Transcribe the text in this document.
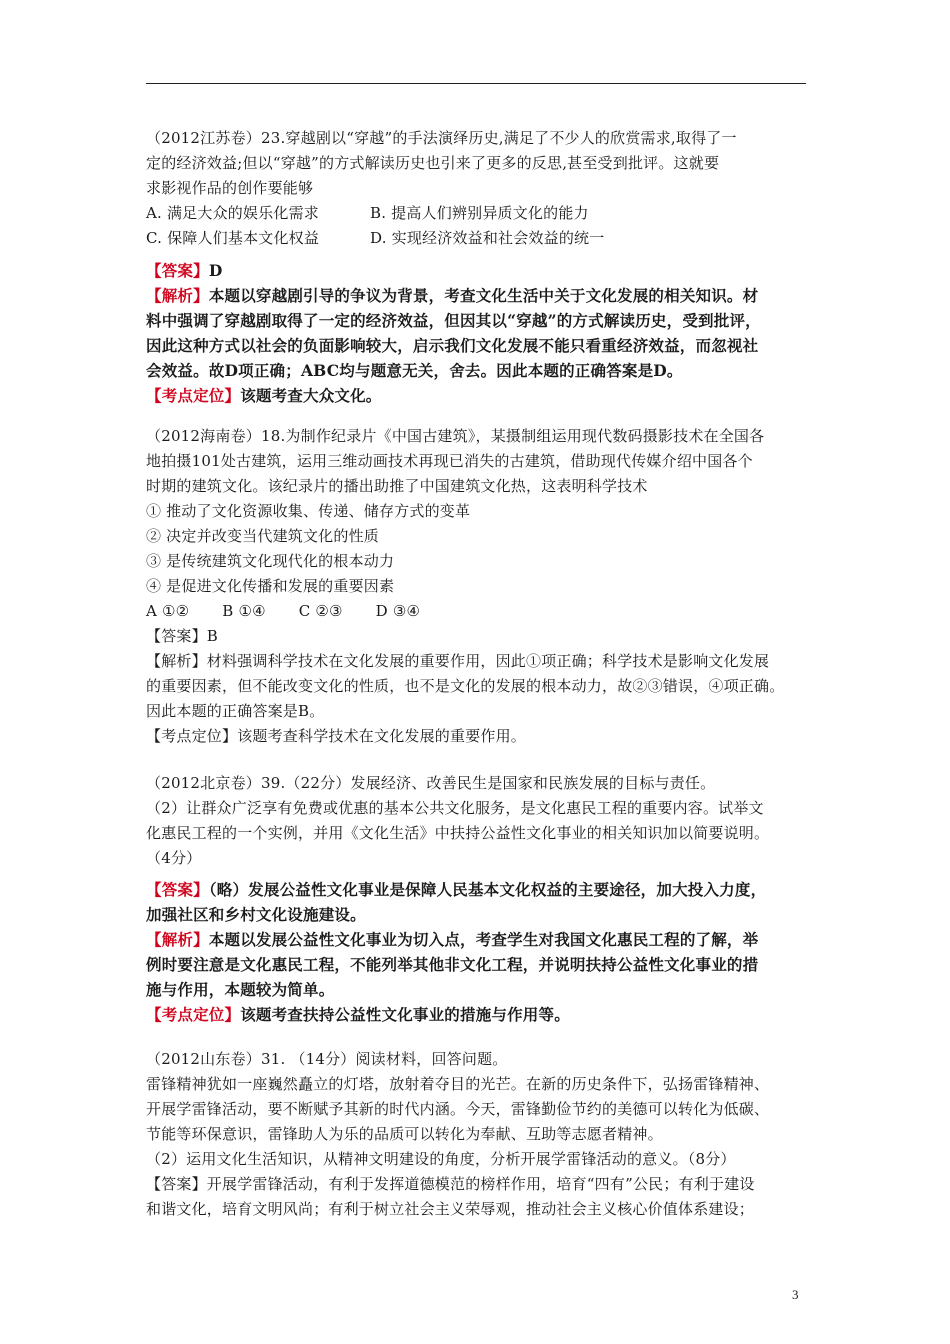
（2012江苏卷）23.穿越剧以“穿越”的手法演绎历史,满足了不少人的欣赏需求,取得了一
定的经济效益;但以“穿越”的方式解读历史也引来了更多的反思,甚至受到批评。这就要
求影视作品的创作要能够
A. 满足大众的娱乐化需求	B. 提高人们辨别异质文化的能力
C. 保障人们基本文化权益	D. 实现经济效益和社会效益的统一
【答案】D
【解析】本题以穿越剧引导的争议为背景，考查文化生活中关于文化发展的相关知识。材
料中强调了穿越剧取得了一定的经济效益，但因其以“穿越”的方式解读历史，受到批评，
因此这种方式以社会的负面影响较大，启示我们文化发展不能只看重经济效益，而忽视社
会效益。故D项正确；ABC均与题意无关，舍去。因此本题的正确答案是D。
【考点定位】该题考查大众文化。
（2012海南卷）18.为制作纪录片《中国古建筑》，某摄制组运用现代数码摄影技术在全国各
地拍摄101处古建筑，运用三维动画技术再现已消失的古建筑，借助现代传媒介绍中国各个
时期的建筑文化。该纪录片的播出助推了中国建筑文化热，这表明科学技术
① 推动了文化资源收集、传递、储存方式的变革
② 决定并改变当代建筑文化的性质
③ 是传统建筑文化现代化的根本动力
④ 是促进文化传播和发展的重要因素
A ①② B ①④ C ②③ D ③④
【答案】B
【解析】材料强调科学技术在文化发展的重要作用，因此①项正确；科学技术是影响文化发展
的重要因素，但不能改变文化的性质，也不是文化的发展的根本动力，故②③错误，④项正确。
因此本题的正确答案是B。
【考点定位】该题考查科学技术在文化发展的重要作用。
（2012北京卷）39.（22分）发展经济、改善民生是国家和民族发展的目标与责任。
（2）让群众广泛享有免费或优惠的基本公共文化服务，是文化惠民工程的重要内容。试举文
化惠民工程的一个实例，并用《文化生活》中扶持公益性文化事业的相关知识加以简要说明。
（4分）
【答案】（略）发展公益性文化事业是保障人民基本文化权益的主要途径，加大投入力度，
加强社区和乡村文化设施建设。
【解析】本题以发展公益性文化事业为切入点，考查学生对我国文化惠民工程的了解，举
例时要注意是文化惠民工程，不能列举其他非文化工程，并说明扶持公益性文化事业的措
施与作用，本题较为简单。
【考点定位】该题考查扶持公益性文化事业的措施与作用等。
（2012山东卷）31. （14分）阅读材料，回答问题。
雷锋精神犹如一座巍然矗立的灯塔，放射着夺目的光芒。在新的历史条件下，弘扬雷锋精神、
开展学雷锋活动，要不断赋予其新的时代内涵。今天，雷锋勤俭节约的美德可以转化为低碳、
节能等环保意识，雷锋助人为乐的品质可以转化为奉献、互助等志愿者精神。
（2）运用文化生活知识，从精神文明建设的角度，分析开展学雷锋活动的意义。（8分）
【答案】开展学雷锋活动，有利于发挥道德模范的榜样作用，培育“四有”公民；有利于建设
和谐文化，培育文明风尚；有利于树立社会主义荣辱观，推动社会主义核心价值体系建设；
3
